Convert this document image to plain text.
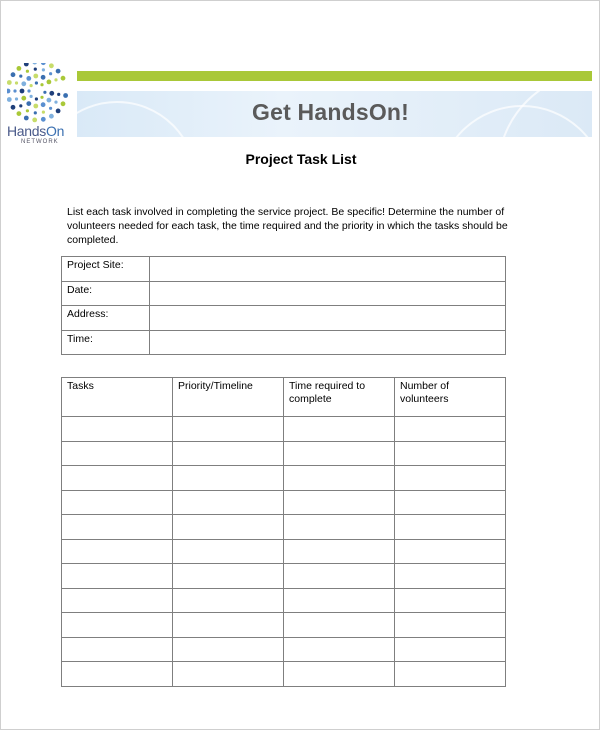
HandsOn
NETWORK
Get HandsOn!
Project Task List
List each task involved in completing the service project. Be specific! Determine the number of volunteers needed for each task, the time required and the priority in which the tasks should be completed.
Project Site:	
Date:	
Address:	
Time:	
Tasks	Priority/Timeline	Time required to complete	Number of volunteers
